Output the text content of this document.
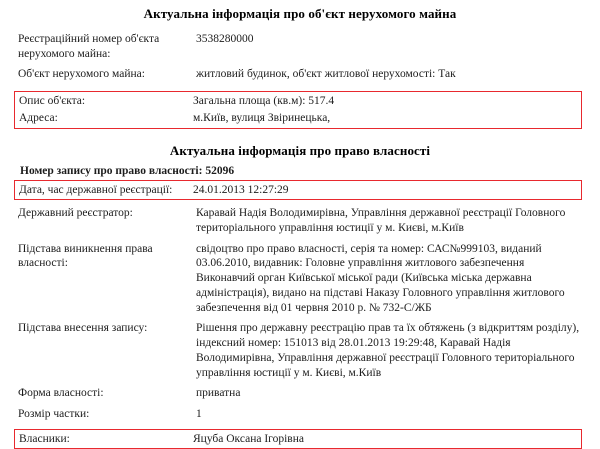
Актуальна інформація про об'єкт нерухомого майна
Реєстраційний номер об'єкта нерухомого майна:	3538280000
Об'єкт нерухомого майна:	житловий будинок, об'єкт житлової нерухомості: Так
Опис об'єкта:	Загальна площа (кв.м): 517.4
Адреса:	м.Київ, вулиця Звіринецька,
Актуальна інформація про право власності
Номер запису про право власності: 52096
Дата, час державної реєстрації:	24.01.2013 12:27:29
Державний реєстратор:	Каравай Надія Володимирівна, Управління державної реєстрації Головного територіального управління юстиції у м. Києві, м.Київ
Підстава виникнення права власності:	свідоцтво про право власності, серія та номер: САС№999103, виданий 03.06.2010, видавник: Головне управління житлового забезпечення Виконавчий орган Київської міської ради (Київська міська державна адміністрація), видано на підставі Наказу Головного управління житлового забезпечення від 01 червня 2010 р. № 732-С/ЖБ
Підстава внесення запису:	Рішення про державну реєстрацію прав та їх обтяжень (з відкриттям розділу), індексний номер: 151013 від 28.01.2013 19:29:48, Каравай Надія Володимирівна, Управління державної реєстрації Головного територіального управління юстиції у м. Києві, м.Київ
Форма власності:	приватна
Розмір частки:	1
Власники:	Яцуба Оксана Ігорівна
